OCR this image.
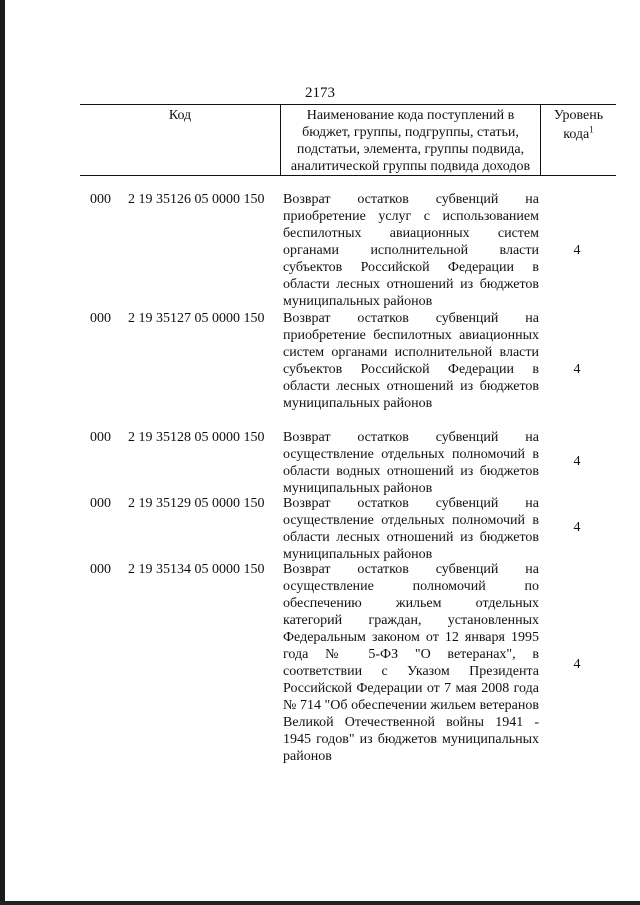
2173
Код	Наименование кода поступлений в бюджет, группы, подгруппы, статьи, подстатьи, элемента, группы подвида, аналитической группы подвида доходов
Уровень
кода$^1$
000 2 19 35126 05 0000 150 Возврат остатков субвенций на приобретение услуг с использованием беспилотных авиационных систем органами исполнительной власти субъектов Российской Федерации в области лесных отношений из бюджетов муниципальных районов
4
000 2 19 35127 05 0000 150 Возврат остатков субвенций на приобретение беспилотных авиационных систем органами исполнительной власти субъектов Российской Федерации в области лесных отношений из бюджетов муниципальных районов
4
000 2 19 35128 05 0000 150 Возврат остатков субвенций на осуществление отдельных полномочий в области водных отношений из бюджетов муниципальных районов
4
000 2 19 35129 05 0000 150 Возврат остатков субвенций на осуществление отдельных полномочий в области лесных отношений из бюджетов муниципальных районов
4
000 2 19 35134 05 0000 150 Возврат остатков субвенций на осуществление полномочий по обеспечению жильем отдельных категорий граждан, установленных Федеральным законом от 12 января 1995 года № 5-ФЗ "О ветеранах", в соответствии с Указом Президента Российской Федерации от 7 мая 2008 года № 714 "Об обеспечении жильем ветеранов Великой Отечественной войны 1941 - 1945 годов" из бюджетов муниципальных районов
4
